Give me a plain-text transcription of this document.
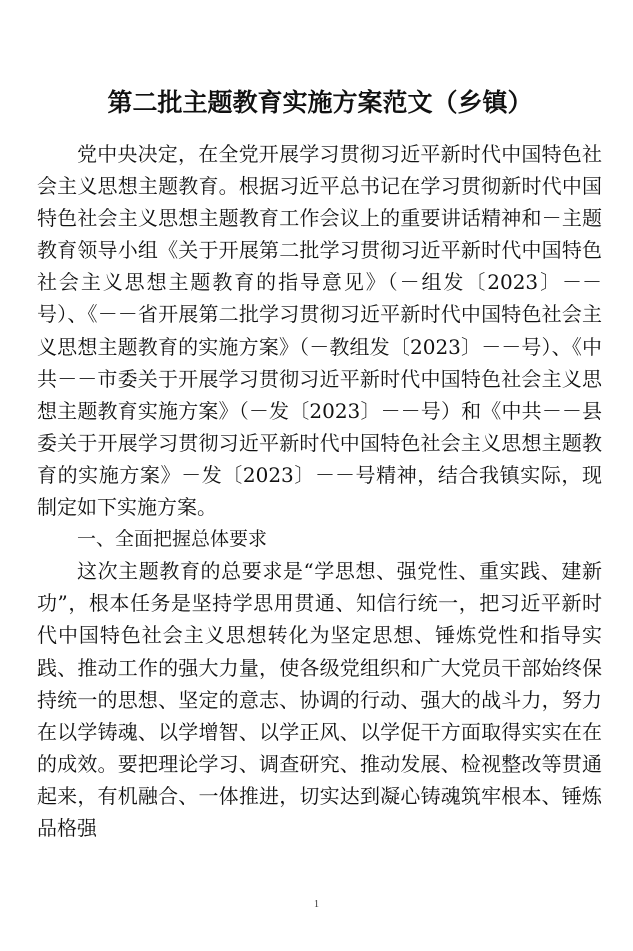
第二批主题教育实施方案范文（乡镇）

党中央决定，在全党开展学习贯彻习近平新时代中国特色社会主义思想主题教育。根据习近平总书记在学习贯彻新时代中国特色社会主义思想主题教育工作会议上的重要讲话精神和－主题教育领导小组《关于开展第二批学习贯彻习近平新时代中国特色社会主义思想主题教育的指导意见》（－组发〔2023〕－－号）、《－－省开展第二批学习贯彻习近平新时代中国特色社会主义思想主题教育的实施方案》（－教组发〔2023〕－－号）、《中共－－市委关于开展学习贯彻习近平新时代中国特色社会主义思想主题教育实施方案》（－发〔2023〕－－号）和《中共－－县委关于开展学习贯彻习近平新时代中国特色社会主义思想主题教育的实施方案》－发〔2023〕－－号精神，结合我镇实际，现制定如下实施方案。

一、全面把握总体要求

这次主题教育的总要求是“学思想、强党性、重实践、建新功”，根本任务是坚持学思用贯通、知信行统一，把习近平新时代中国特色社会主义思想转化为坚定思想、锤炼党性和指导实践、推动工作的强大力量，使各级党组织和广大党员干部始终保持统一的思想、坚定的意志、协调的行动、强大的战斗力，努力在以学铸魂、以学增智、以学正风、以学促干方面取得实实在在的成效。要把理论学习、调查研究、推动发展、检视整改等贯通起来，有机融合、一体推进，切实达到凝心铸魂筑牢根本、锤炼品格强

1
